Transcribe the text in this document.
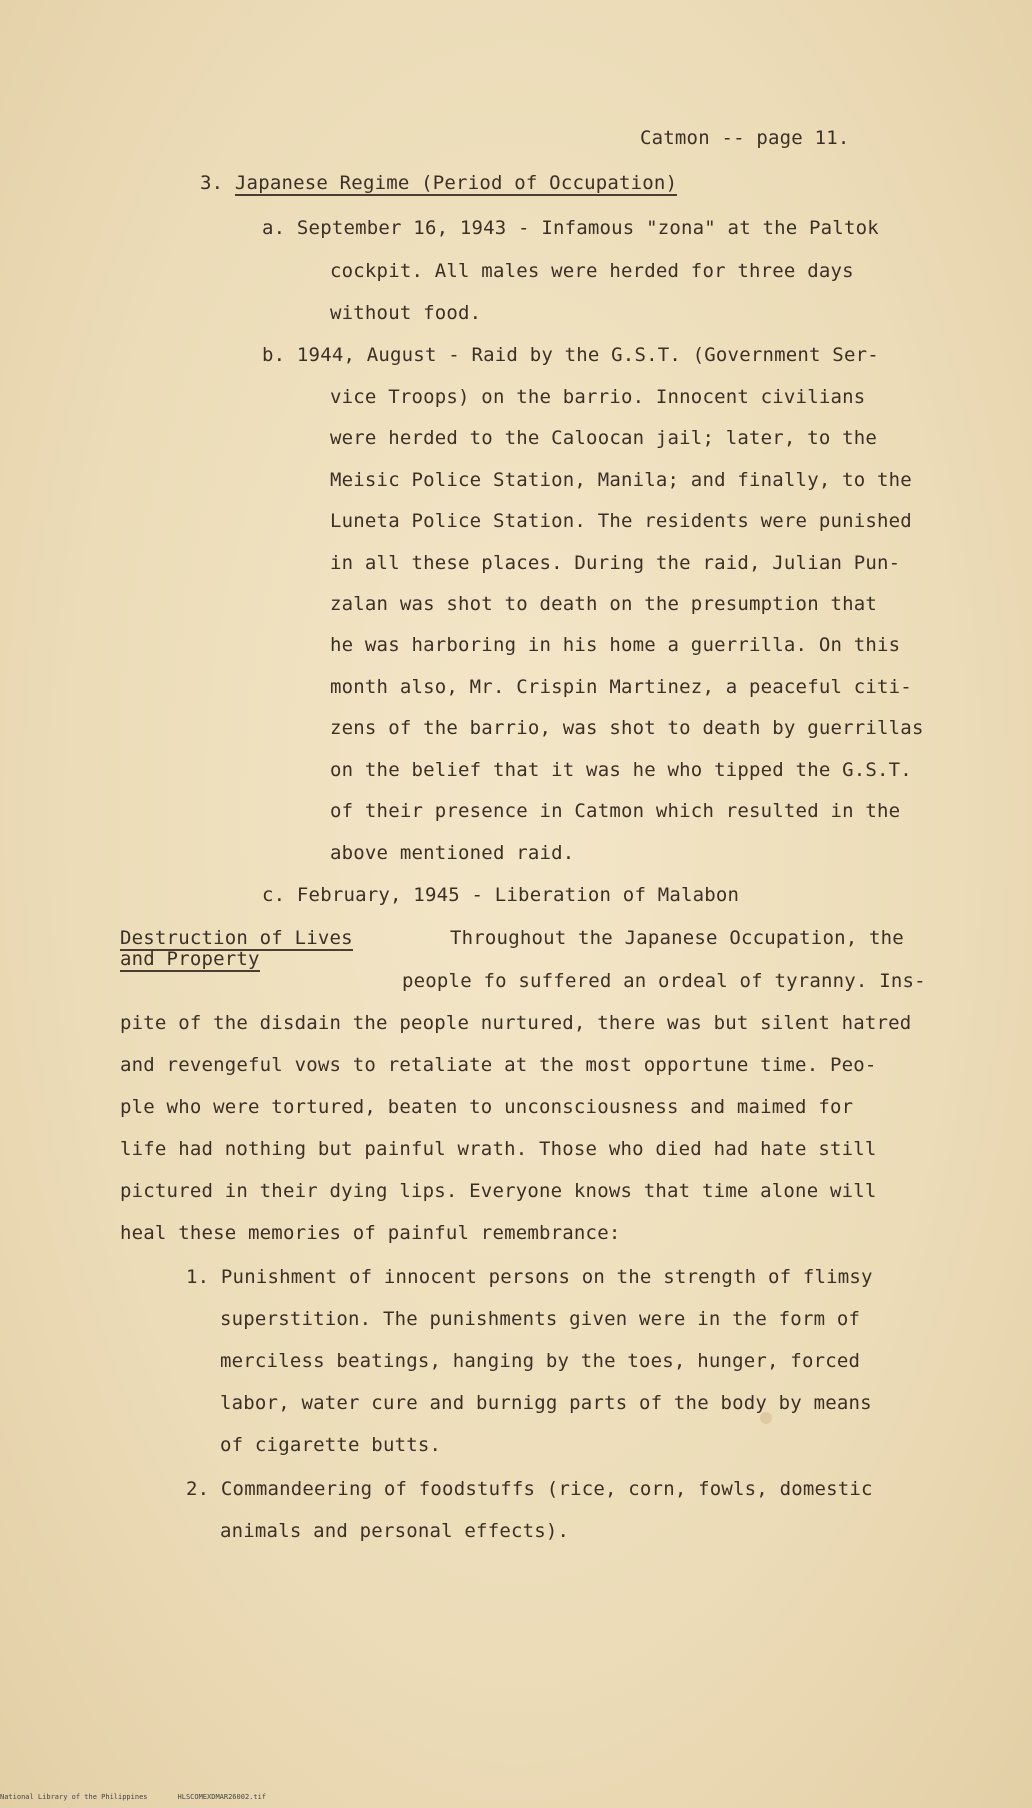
Catmon -- page 11.
3. Japanese Regime (Period of Occupation)
a. September 16, 1943 - Infamous "zona" at the Paltok
cockpit. All males were herded for three days
without food.
b. 1944, August - Raid by the G.S.T. (Government Ser-
vice Troops) on the barrio. Innocent civilians
were herded to the Caloocan jail; later, to the
Meisic Police Station, Manila; and finally, to the
Luneta Police Station. The residents were punished
in all these places. During the raid, Julian Pun-
zalan was shot to death on the presumption that
he was harboring in his home a guerrilla. On this
month also, Mr. Crispin Martinez, a peaceful citi-
zens of the barrio, was shot to death by guerrillas
on the belief that it was he who tipped the G.S.T.
of their presence in Catmon which resulted in the
above mentioned raid.
c. February, 1945 - Liberation of Malabon
Destruction of Lives
and Property
Throughout the Japanese Occupation, the
people fo suffered an ordeal of tyranny. Ins-
pite of the disdain the people nurtured, there was but silent hatred
and revengeful vows to retaliate at the most opportune time. Peo-
ple who were tortured, beaten to unconsciousness and maimed for
life had nothing but painful wrath. Those who died had hate still
pictured in their dying lips. Everyone knows that time alone will
heal these memories of painful remembrance:
1. Punishment of innocent persons on the strength of flimsy
superstition. The punishments given were in the form of
merciless beatings, hanging by the toes, hunger, forced
labor, water cure and burnigg parts of the body by means
of cigarette butts.
2. Commandeering of foodstuffs (rice, corn, fowls, domestic
animals and personal effects).
National Library of the Philippines	HLSCOMEXDMAR26002.tif
